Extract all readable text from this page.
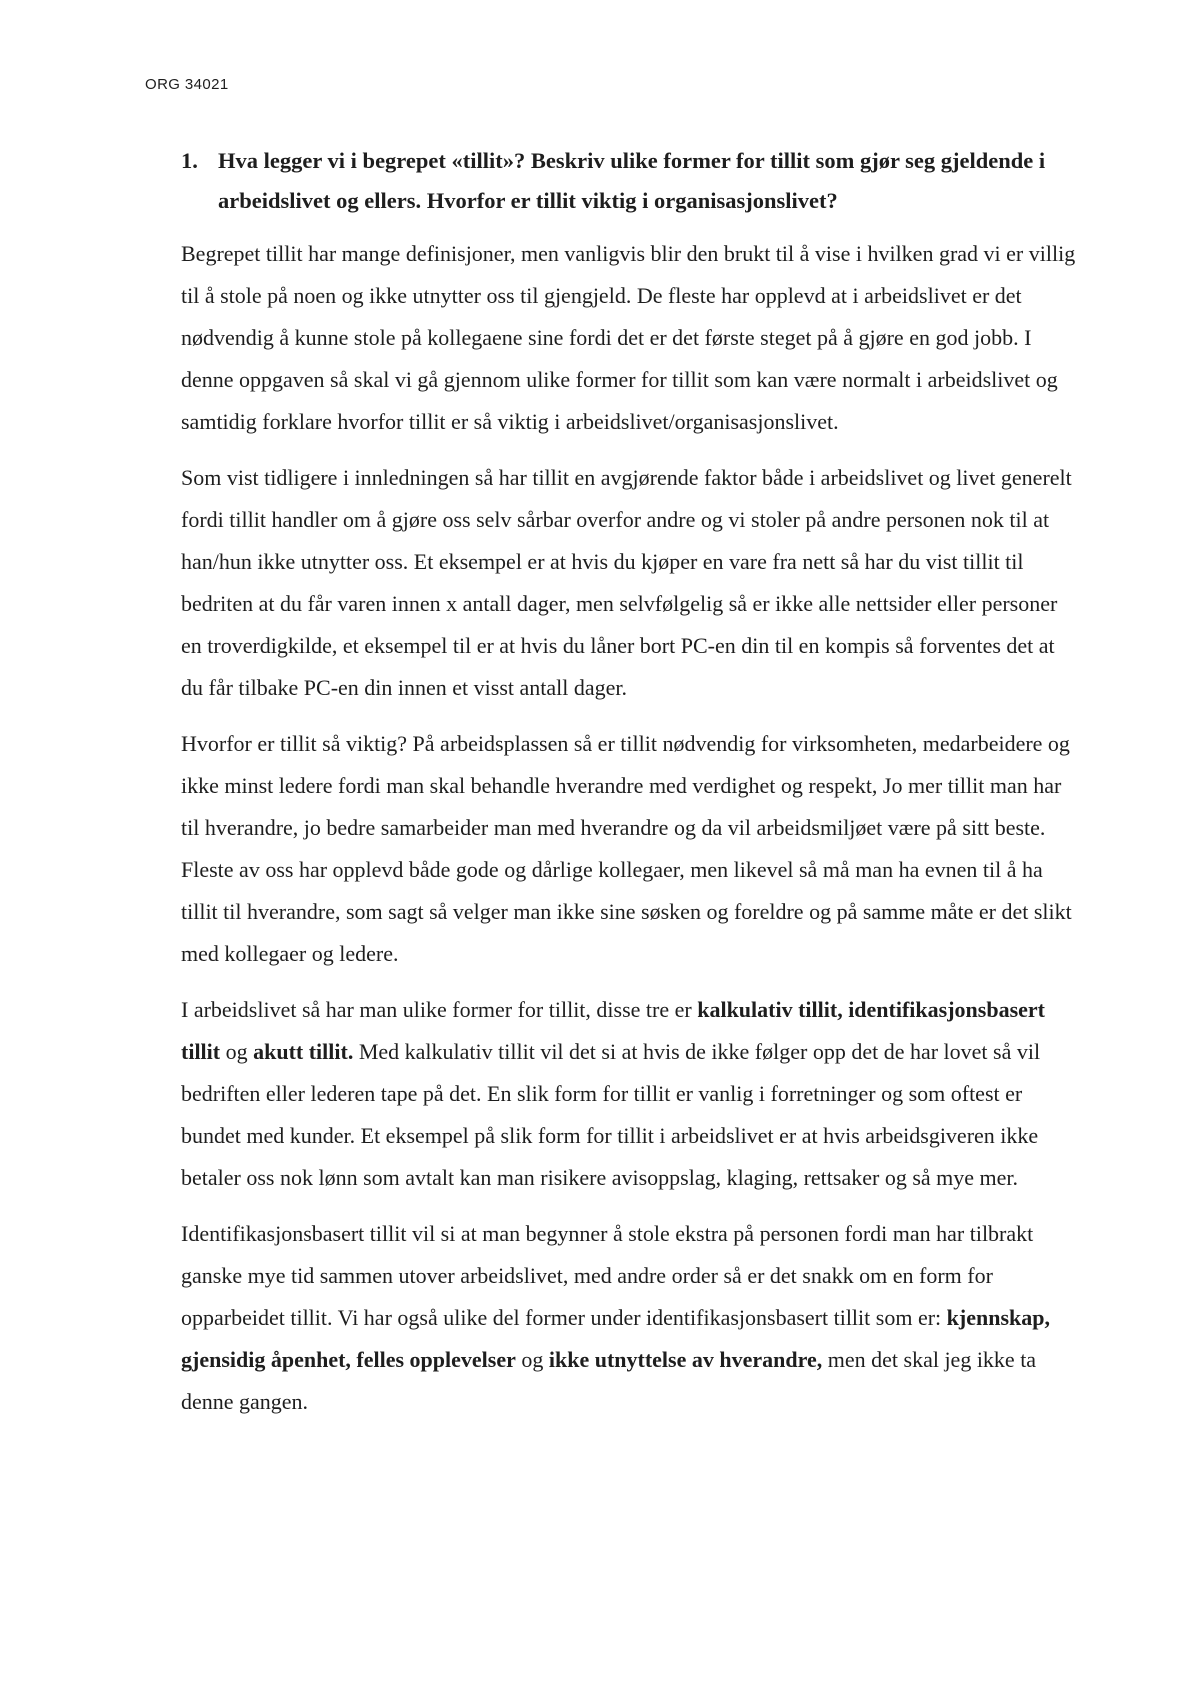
ORG 34021
1. Hva legger vi i begrepet «tillit»? Beskriv ulike former for tillit som gjør seg gjeldende i arbeidslivet og ellers. Hvorfor er tillit viktig i organisasjonslivet?

Begrepet tillit har mange definisjoner, men vanligvis blir den brukt til å vise i hvilken grad vi er villig til å stole på noen og ikke utnytter oss til gjengjeld. De fleste har opplevd at i arbeidslivet er det nødvendig å kunne stole på kollegaene sine fordi det er det første steget på å gjøre en god jobb. I denne oppgaven så skal vi gå gjennom ulike former for tillit som kan være normalt i arbeidslivet og samtidig forklare hvorfor tillit er så viktig i arbeidslivet/organisasjonslivet.

Som vist tidligere i innledningen så har tillit en avgjørende faktor både i arbeidslivet og livet generelt fordi tillit handler om å gjøre oss selv sårbar overfor andre og vi stoler på andre personen nok til at han/hun ikke utnytter oss. Et eksempel er at hvis du kjøper en vare fra nett så har du vist tillit til bedriten at du får varen innen x antall dager, men selvfølgelig så er ikke alle nettsider eller personer en troverdigkilde, et eksempel til er at hvis du låner bort PC-en din til en kompis så forventes det at du får tilbake PC-en din innen et visst antall dager.

Hvorfor er tillit så viktig? På arbeidsplassen så er tillit nødvendig for virksomheten, medarbeidere og ikke minst ledere fordi man skal behandle hverandre med verdighet og respekt, Jo mer tillit man har til hverandre, jo bedre samarbeider man med hverandre og da vil arbeidsmiljøet være på sitt beste. Fleste av oss har opplevd både gode og dårlige kollegaer, men likevel så må man ha evnen til å ha tillit til hverandre, som sagt så velger man ikke sine søsken og foreldre og på samme måte er det slikt med kollegaer og ledere.

I arbeidslivet så har man ulike former for tillit, disse tre er kalkulativ tillit, identifikasjonsbasert tillit og akutt tillit. Med kalkulativ tillit vil det si at hvis de ikke følger opp det de har lovet så vil bedriften eller lederen tape på det. En slik form for tillit er vanlig i forretninger og som oftest er bundet med kunder. Et eksempel på slik form for tillit i arbeidslivet er at hvis arbeidsgiveren ikke betaler oss nok lønn som avtalt kan man risikere avisoppslag, klaging, rettsaker og så mye mer.

Identifikasjonsbasert tillit vil si at man begynner å stole ekstra på personen fordi man har tilbrakt ganske mye tid sammen utover arbeidslivet, med andre order så er det snakk om en form for opparbeidet tillit. Vi har også ulike del former under identifikasjonsbasert tillit som er: kjennskap, gjensidig åpenhet, felles opplevelser og ikke utnyttelse av hverandre, men det skal jeg ikke ta denne gangen.
